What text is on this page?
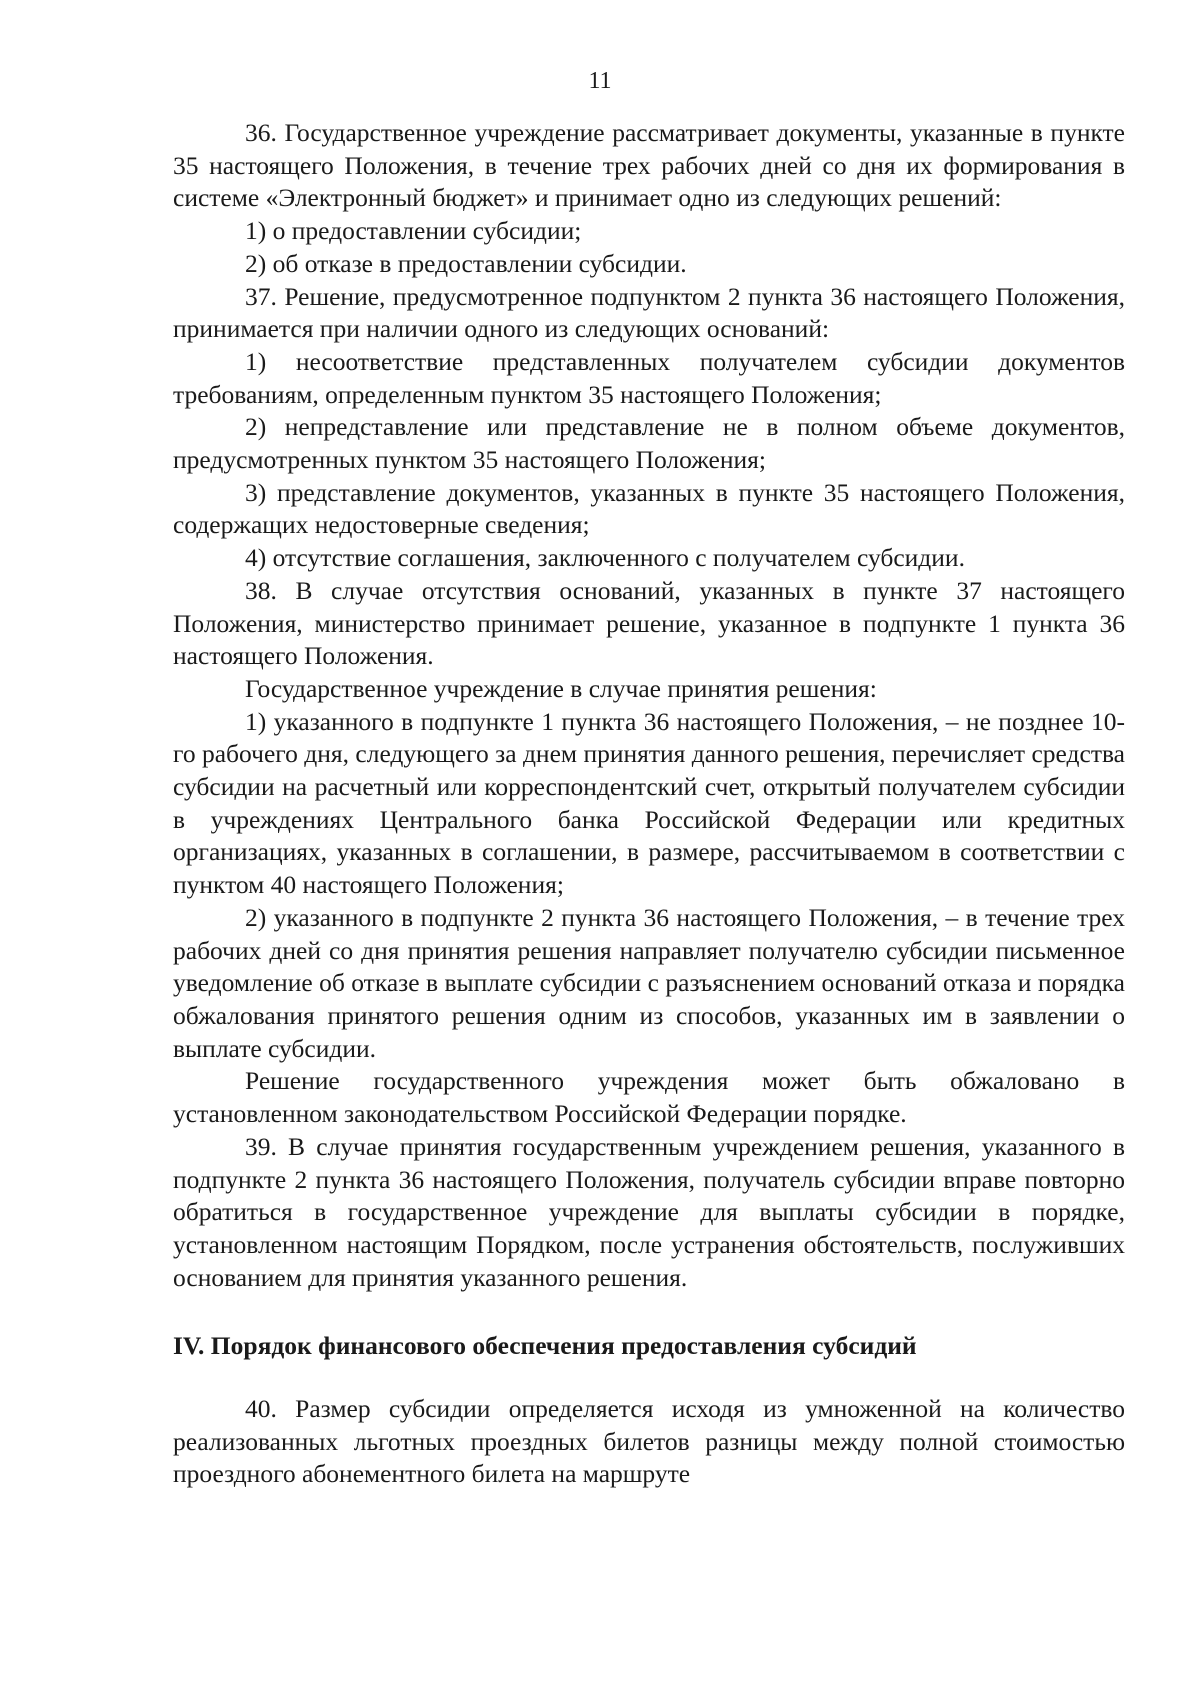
11

36. Государственное учреждение рассматривает документы, указанные в пункте 35 настоящего Положения, в течение трех рабочих дней со дня их формирования в системе «Электронный бюджет» и принимает одно из следующих решений:

1) о предоставлении субсидии;

2) об отказе в предоставлении субсидии.

37. Решение, предусмотренное подпунктом 2 пункта 36 настоящего Положения, принимается при наличии одного из следующих оснований:

1) несоответствие представленных получателем субсидии документов требованиям, определенным пунктом 35 настоящего Положения;

2) непредставление или представление не в полном объеме документов, предусмотренных пунктом 35 настоящего Положения;

3) представление документов, указанных в пункте 35 настоящего Положения, содержащих недостоверные сведения;

4) отсутствие соглашения, заключенного с получателем субсидии.

38. В случае отсутствия оснований, указанных в пункте 37 настоящего Положения, министерство принимает решение, указанное в подпункте 1 пункта 36 настоящего Положения.

Государственное учреждение в случае принятия решения:

1) указанного в подпункте 1 пункта 36 настоящего Положения, – не позднее 10-го рабочего дня, следующего за днем принятия данного решения, перечисляет средства субсидии на расчетный или корреспондентский счет, открытый получателем субсидии в учреждениях Центрального банка Российской Федерации или кредитных организациях, указанных в соглашении, в размере, рассчитываемом в соответствии с пунктом 40 настоящего Положения;

2) указанного в подпункте 2 пункта 36 настоящего Положения, – в течение трех рабочих дней со дня принятия решения направляет получателю субсидии письменное уведомление об отказе в выплате субсидии с разъяснением оснований отказа и порядка обжалования принятого решения одним из способов, указанных им в заявлении о выплате субсидии.

Решение государственного учреждения может быть обжаловано в установленном законодательством Российской Федерации порядке.

39. В случае принятия государственным учреждением решения, указанного в подпункте 2 пункта 36 настоящего Положения, получатель субсидии вправе повторно обратиться в государственное учреждение для выплаты субсидии в порядке, установленном настоящим Порядком, после устранения обстоятельств, послуживших основанием для принятия указанного решения.

IV. Порядок финансового обеспечения предоставления субсидий

40. Размер субсидии определяется исходя из умноженной на количество реализованных льготных проездных билетов разницы между полной стоимостью проездного абонементного билета на маршруте
